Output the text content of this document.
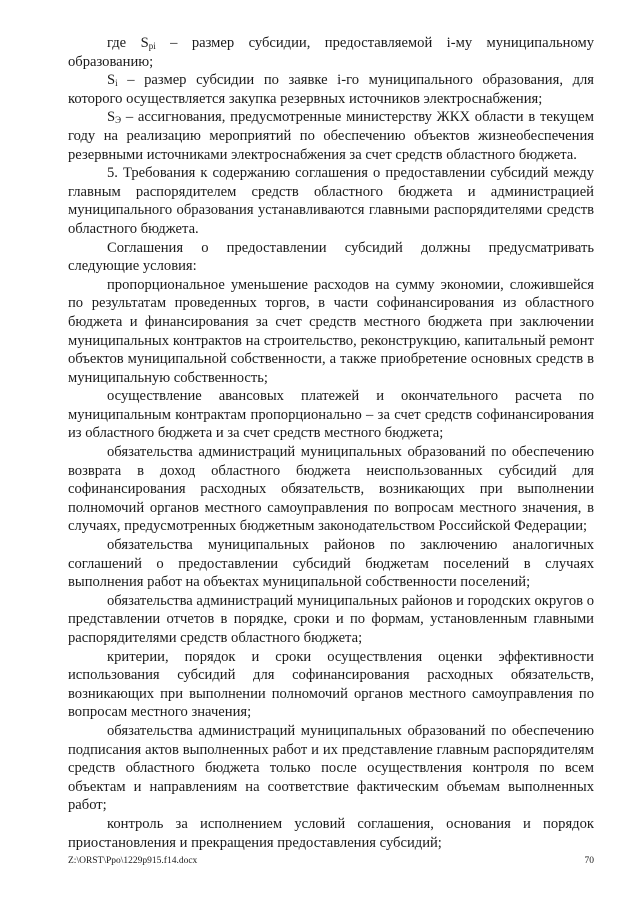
где $S_{pi}$ – размер субсидии, предоставляемой i-му муниципальному образованию;

$S_i$ – размер субсидии по заявке i-го муниципального образования, для которого осуществляется закупка резервных источников электроснабжения;

$S_Э$ – ассигнования, предусмотренные министерству ЖКХ области в текущем году на реализацию мероприятий по обеспечению объектов жизнеобеспечения резервными источниками электроснабжения за счет средств областного бюджета.

5. Требования к содержанию соглашения о предоставлении субсидий между главным распорядителем средств областного бюджета и администрацией муниципального образования устанавливаются главными распорядителями средств областного бюджета.

Соглашения о предоставлении субсидий должны предусматривать следующие условия:

пропорциональное уменьшение расходов на сумму экономии, сложившейся по результатам проведенных торгов, в части софинансирования из областного бюджета и финансирования за счет средств местного бюджета при заключении муниципальных контрактов на строительство, реконструкцию, капитальный ремонт объектов муниципальной собственности, а также приобретение основных средств в муниципальную собственность;

осуществление авансовых платежей и окончательного расчета по муниципальным контрактам пропорционально – за счет средств софинансирования из областного бюджета и за счет средств местного бюджета;

обязательства администраций муниципальных образований по обеспечению возврата в доход областного бюджета неиспользованных субсидий для софинансирования расходных обязательств, возникающих при выполнении полномочий органов местного самоуправления по вопросам местного значения, в случаях, предусмотренных бюджетным законодательством Российской Федерации;

обязательства муниципальных районов по заключению аналогичных соглашений о предоставлении субсидий бюджетам поселений в случаях выполнения работ на объектах муниципальной собственности поселений;

обязательства администраций муниципальных районов и городских округов о представлении отчетов в порядке, сроки и по формам, установленным главными распорядителями средств областного бюджета;

критерии, порядок и сроки осуществления оценки эффективности использования субсидий для софинансирования расходных обязательств, возникающих при выполнении полномочий органов местного самоуправления по вопросам местного значения;

обязательства администраций муниципальных образований по обеспечению подписания актов выполненных работ и их представление главным распорядителям средств областного бюджета только после осуществления контроля по всем объектам и направлениям на соответствие фактическим объемам выполненных работ;

контроль за исполнением условий соглашения, основания и порядок приостановления и прекращения предоставления субсидий;

Z:\ORST\Ppo\1229p915.f14.docx	70
